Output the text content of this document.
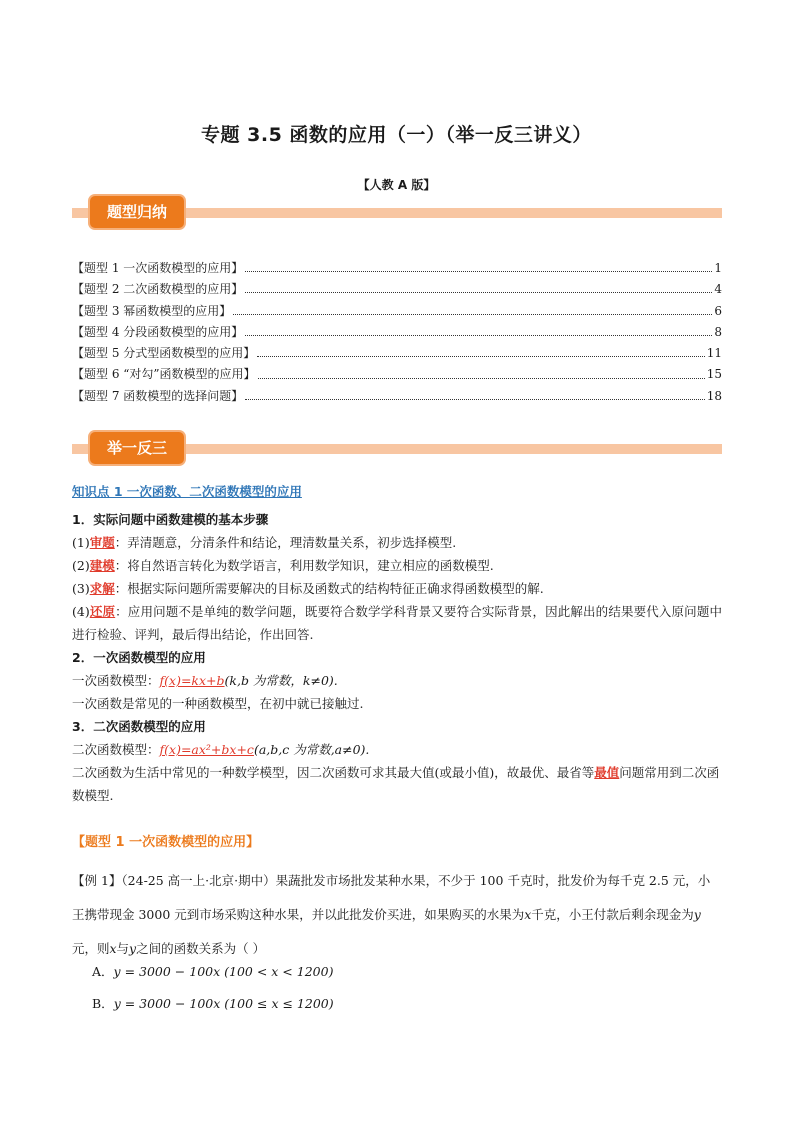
专题 3.5 函数的应用（一）（举一反三讲义）
【人教 A 版】
题型归纳
【题型 1 一次函数模型的应用】	1
【题型 2 二次函数模型的应用】	4
【题型 3 幂函数模型的应用】	6
【题型 4 分段函数模型的应用】	8
【题型 5 分式型函数模型的应用】	11
【题型 6 “对勾”函数模型的应用】	15
【题型 7 函数模型的选择问题】	18
举一反三
知识点 1 一次函数、二次函数模型的应用
1．实际问题中函数建模的基本步骤
(1)审题：弄清题意，分清条件和结论，理清数量关系，初步选择模型.
(2)建模：将自然语言转化为数学语言，利用数学知识，建立相应的函数模型.
(3)求解：根据实际问题所需要解决的目标及函数式的结构特征正确求得函数模型的解.
(4)还原：应用问题不是单纯的数学问题，既要符合数学学科背景又要符合实际背景，因此解出的结果要代入原问题中进行检验、评判，最后得出结论，作出回答.
2．一次函数模型的应用
一次函数模型：f(x)=kx+b(k,b 为常数，k≠0).
一次函数是常见的一种函数模型，在初中就已接触过.
3．二次函数模型的应用
二次函数模型：f(x)=ax²+bx+c(a,b,c 为常数,a≠0).
二次函数为生活中常见的一种数学模型，因二次函数可求其最大值(或最小值)，故最优、最省等最值问题常用到二次函数模型.
【题型 1 一次函数模型的应用】
【例 1】（24-25 高一上·北京·期中）果蔬批发市场批发某种水果，不少于 100 千克时，批发价为每千克 2.5 元，小王携带现金 3000 元到市场采购这种水果，并以此批发价买进，如果购买的水果为𝑥千克，小王付款后剩余现金为𝑦元，则𝑥与𝑦之间的函数关系为（ ）
A．𝑦 = 3000 − 100𝑥 (100 < 𝑥 < 1200)
B．𝑦 = 3000 − 100𝑥 (100 ≤ 𝑥 ≤ 1200)
